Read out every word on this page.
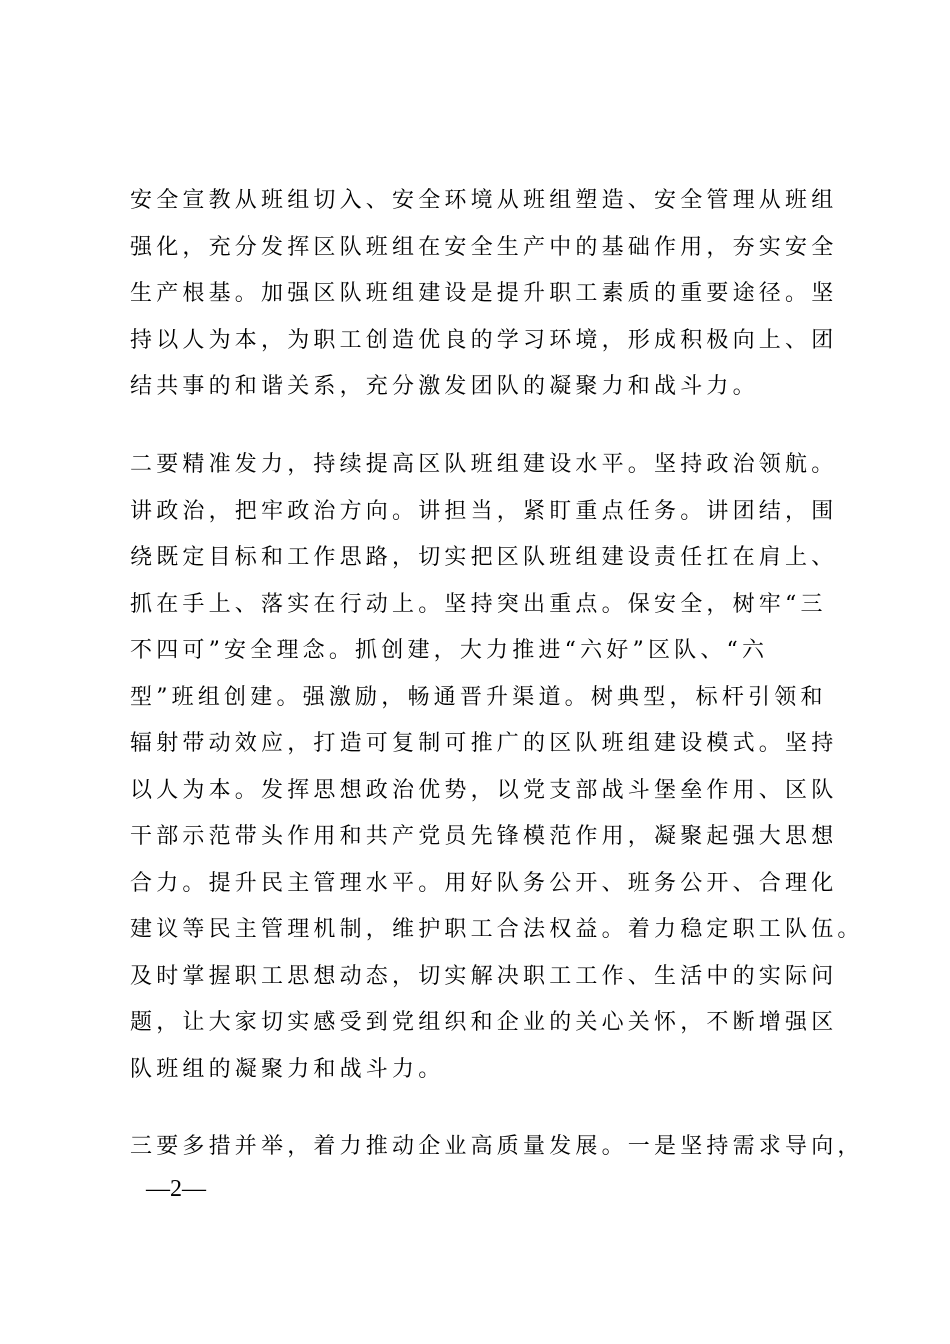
安全宣教从班组切入、安全环境从班组塑造、安全管理从班组
强化，充分发挥区队班组在安全生产中的基础作用，夯实安全
生产根基。加强区队班组建设是提升职工素质的重要途径。坚
持以人为本，为职工创造优良的学习环境，形成积极向上、团
结共事的和谐关系，充分激发团队的凝聚力和战斗力。
二要精准发力，持续提高区队班组建设水平。坚持政治领航。
讲政治，把牢政治方向。讲担当，紧盯重点任务。讲团结，围
绕既定目标和工作思路，切实把区队班组建设责任扛在肩上、
抓在手上、落实在行动上。坚持突出重点。保安全，树牢“三
不四可”安全理念。抓创建，大力推进“六好”区队、“六
型”班组创建。强激励，畅通晋升渠道。树典型，标杆引领和
辐射带动效应，打造可复制可推广的区队班组建设模式。坚持
以人为本。发挥思想政治优势，以党支部战斗堡垒作用、区队
干部示范带头作用和共产党员先锋模范作用，凝聚起强大思想
合力。提升民主管理水平。用好队务公开、班务公开、合理化
建议等民主管理机制，维护职工合法权益。着力稳定职工队伍。
及时掌握职工思想动态，切实解决职工工作、生活中的实际问
题，让大家切实感受到党组织和企业的关心关怀，不断增强区
队班组的凝聚力和战斗力。
三要多措并举，着力推动企业高质量发展。一是坚持需求导向，
—2—
